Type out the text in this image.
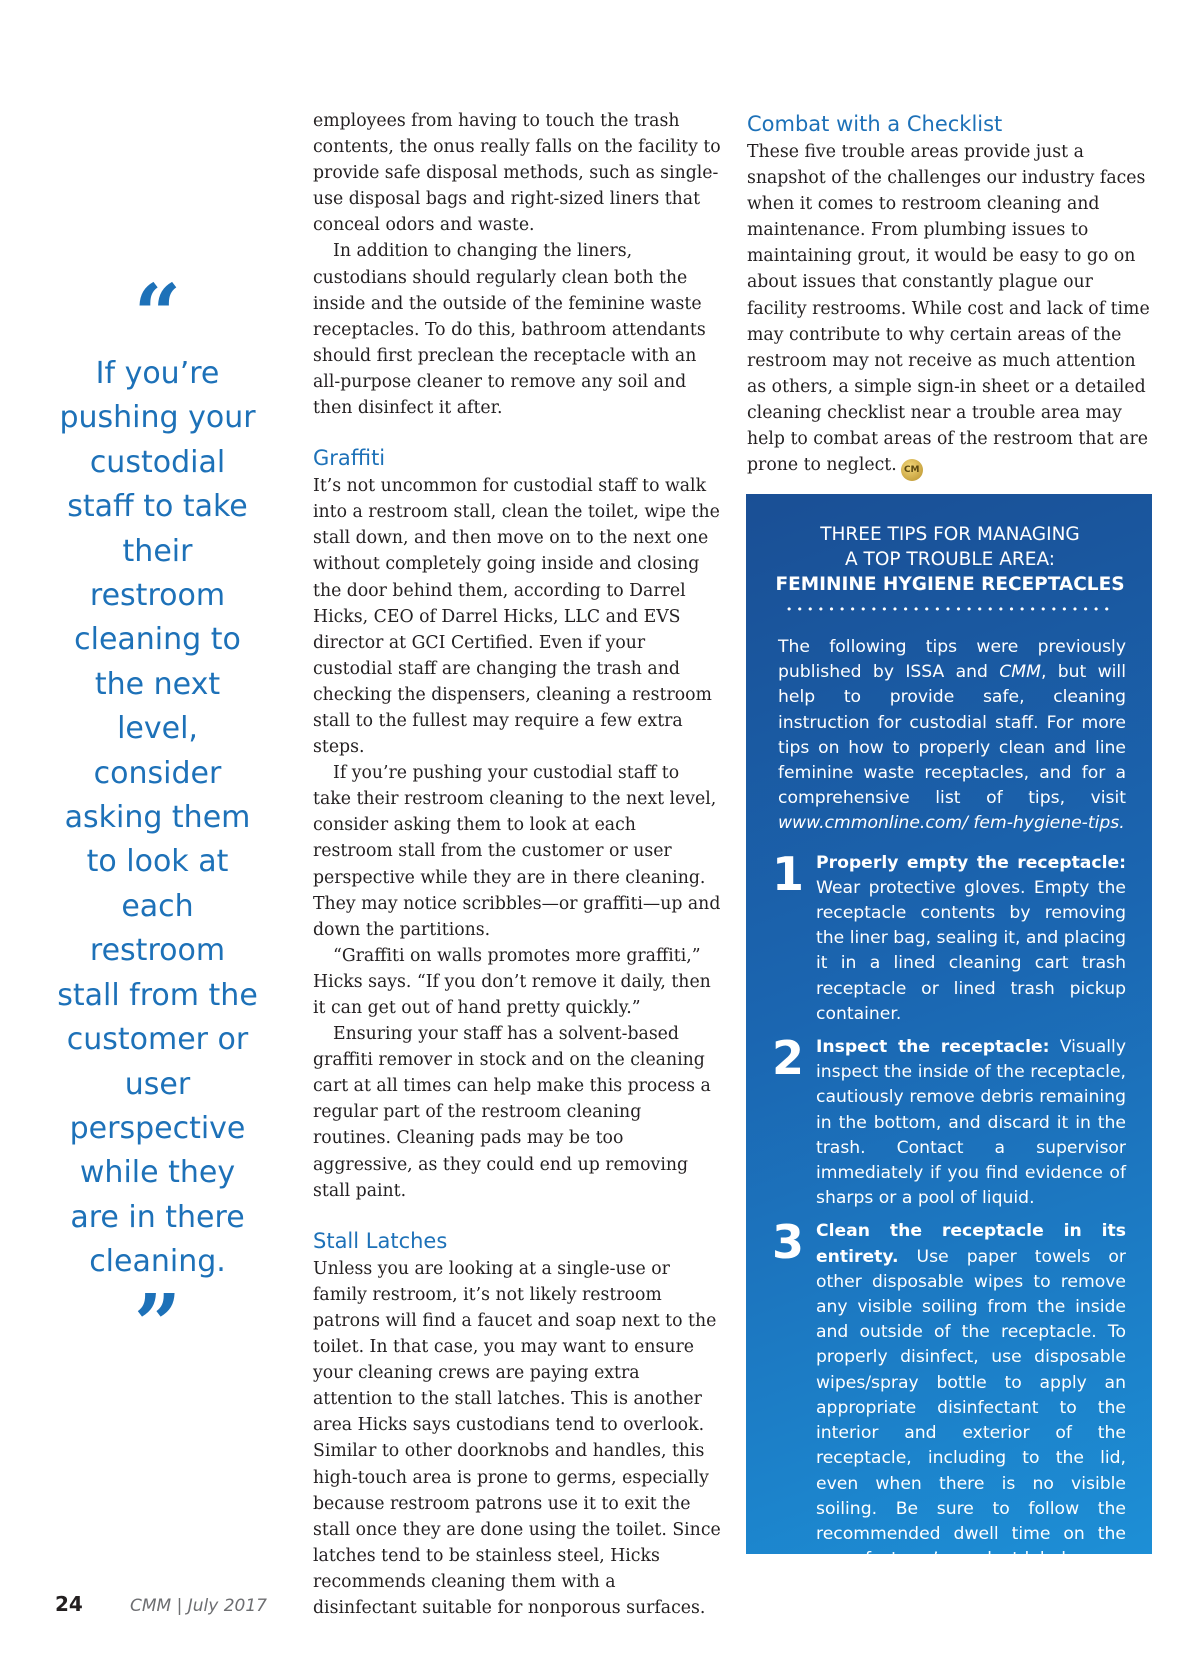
“
If you’re pushing your custodial staff to take their restroom cleaning to the next level, consider asking them to look at each restroom stall from the customer or user perspective while they are in there cleaning.
”

employees from having to touch the trash contents, the onus really falls on the facility to provide safe disposal methods, such as single-use disposal bags and right-sized liners that conceal odors and waste.

In addition to changing the liners, custodians should regularly clean both the inside and the outside of the feminine waste receptacles. To do this, bathroom attendants should first preclean the receptacle with an all-purpose cleaner to remove any soil and then disinfect it after.

Graffiti

It’s not uncommon for custodial staff to walk into a restroom stall, clean the toilet, wipe the stall down, and then move on to the next one without completely going inside and closing the door behind them, according to Darrel Hicks, CEO of Darrel Hicks, LLC and EVS director at GCI Certified. Even if your custodial staff are changing the trash and checking the dispensers, cleaning a restroom stall to the fullest may require a few extra steps.

If you’re pushing your custodial staff to take their restroom cleaning to the next level, consider asking them to look at each restroom stall from the customer or user perspective while they are in there cleaning. They may notice scribbles—or graffiti—up and down the partitions.

“Graffiti on walls promotes more graffiti,” Hicks says. “If you don’t remove it daily, then it can get out of hand pretty quickly.”

Ensuring your staff has a solvent-based graffiti remover in stock and on the cleaning cart at all times can help make this process a regular part of the restroom cleaning routines. Cleaning pads may be too aggressive, as they could end up removing stall paint.

Stall Latches

Unless you are looking at a single-use or family restroom, it’s not likely restroom patrons will find a faucet and soap next to the toilet. In that case, you may want to ensure your cleaning crews are paying extra attention to the stall latches. This is another area Hicks says custodians tend to overlook. Similar to other doorknobs and handles, this high-touch area is prone to germs, especially because restroom patrons use it to exit the stall once they are done using the toilet. Since latches tend to be stainless steel, Hicks recommends cleaning them with a disinfectant suitable for nonporous surfaces.

Combat with a Checklist

These five trouble areas provide just a snapshot of the challenges our industry faces when it comes to restroom cleaning and maintenance. From plumbing issues to maintaining grout, it would be easy to go on about issues that constantly plague our facility restrooms. While cost and lack of time may contribute to why certain areas of the restroom may not receive as much attention as others, a simple sign-in sheet or a detailed cleaning checklist near a trouble area may help to combat areas of the restroom that are prone to neglect. CM

THREE TIPS FOR MANAGING
A TOP TROUBLE AREA:
FEMININE HYGIENE RECEPTACLES
•••••••••••••••••••••••••••••••
The following tips were previously published by ISSA and CMM, but will help to provide safe, cleaning instruction for custodial staff. For more tips on how to properly clean and line feminine waste receptacles, and for a comprehensive list of tips, visit www.cmmonline.com/ fem-hygiene-tips.
1 Properly empty the receptacle: Wear protective gloves. Empty the receptacle contents by removing the liner bag, sealing it, and placing it in a lined cleaning cart trash receptacle or lined trash pickup container.
2 Inspect the receptacle: Visually inspect the inside of the receptacle, cautiously remove debris remaining in the bottom, and discard it in the trash. Contact a supervisor immediately if you find evidence of sharps or a pool of liquid.
3 Clean the receptacle in its entirety. Use paper towels or other disposable wipes to remove any visible soiling from the inside and outside of the receptacle. To properly disinfect, use disposable wipes/spray bottle to apply an appropriate disinfectant to the interior and exterior of the receptacle, including to the lid, even when there is no visible soiling. Be sure to follow the recommended dwell time on the manufacturer’s product label.
24	CMM | July 2017
